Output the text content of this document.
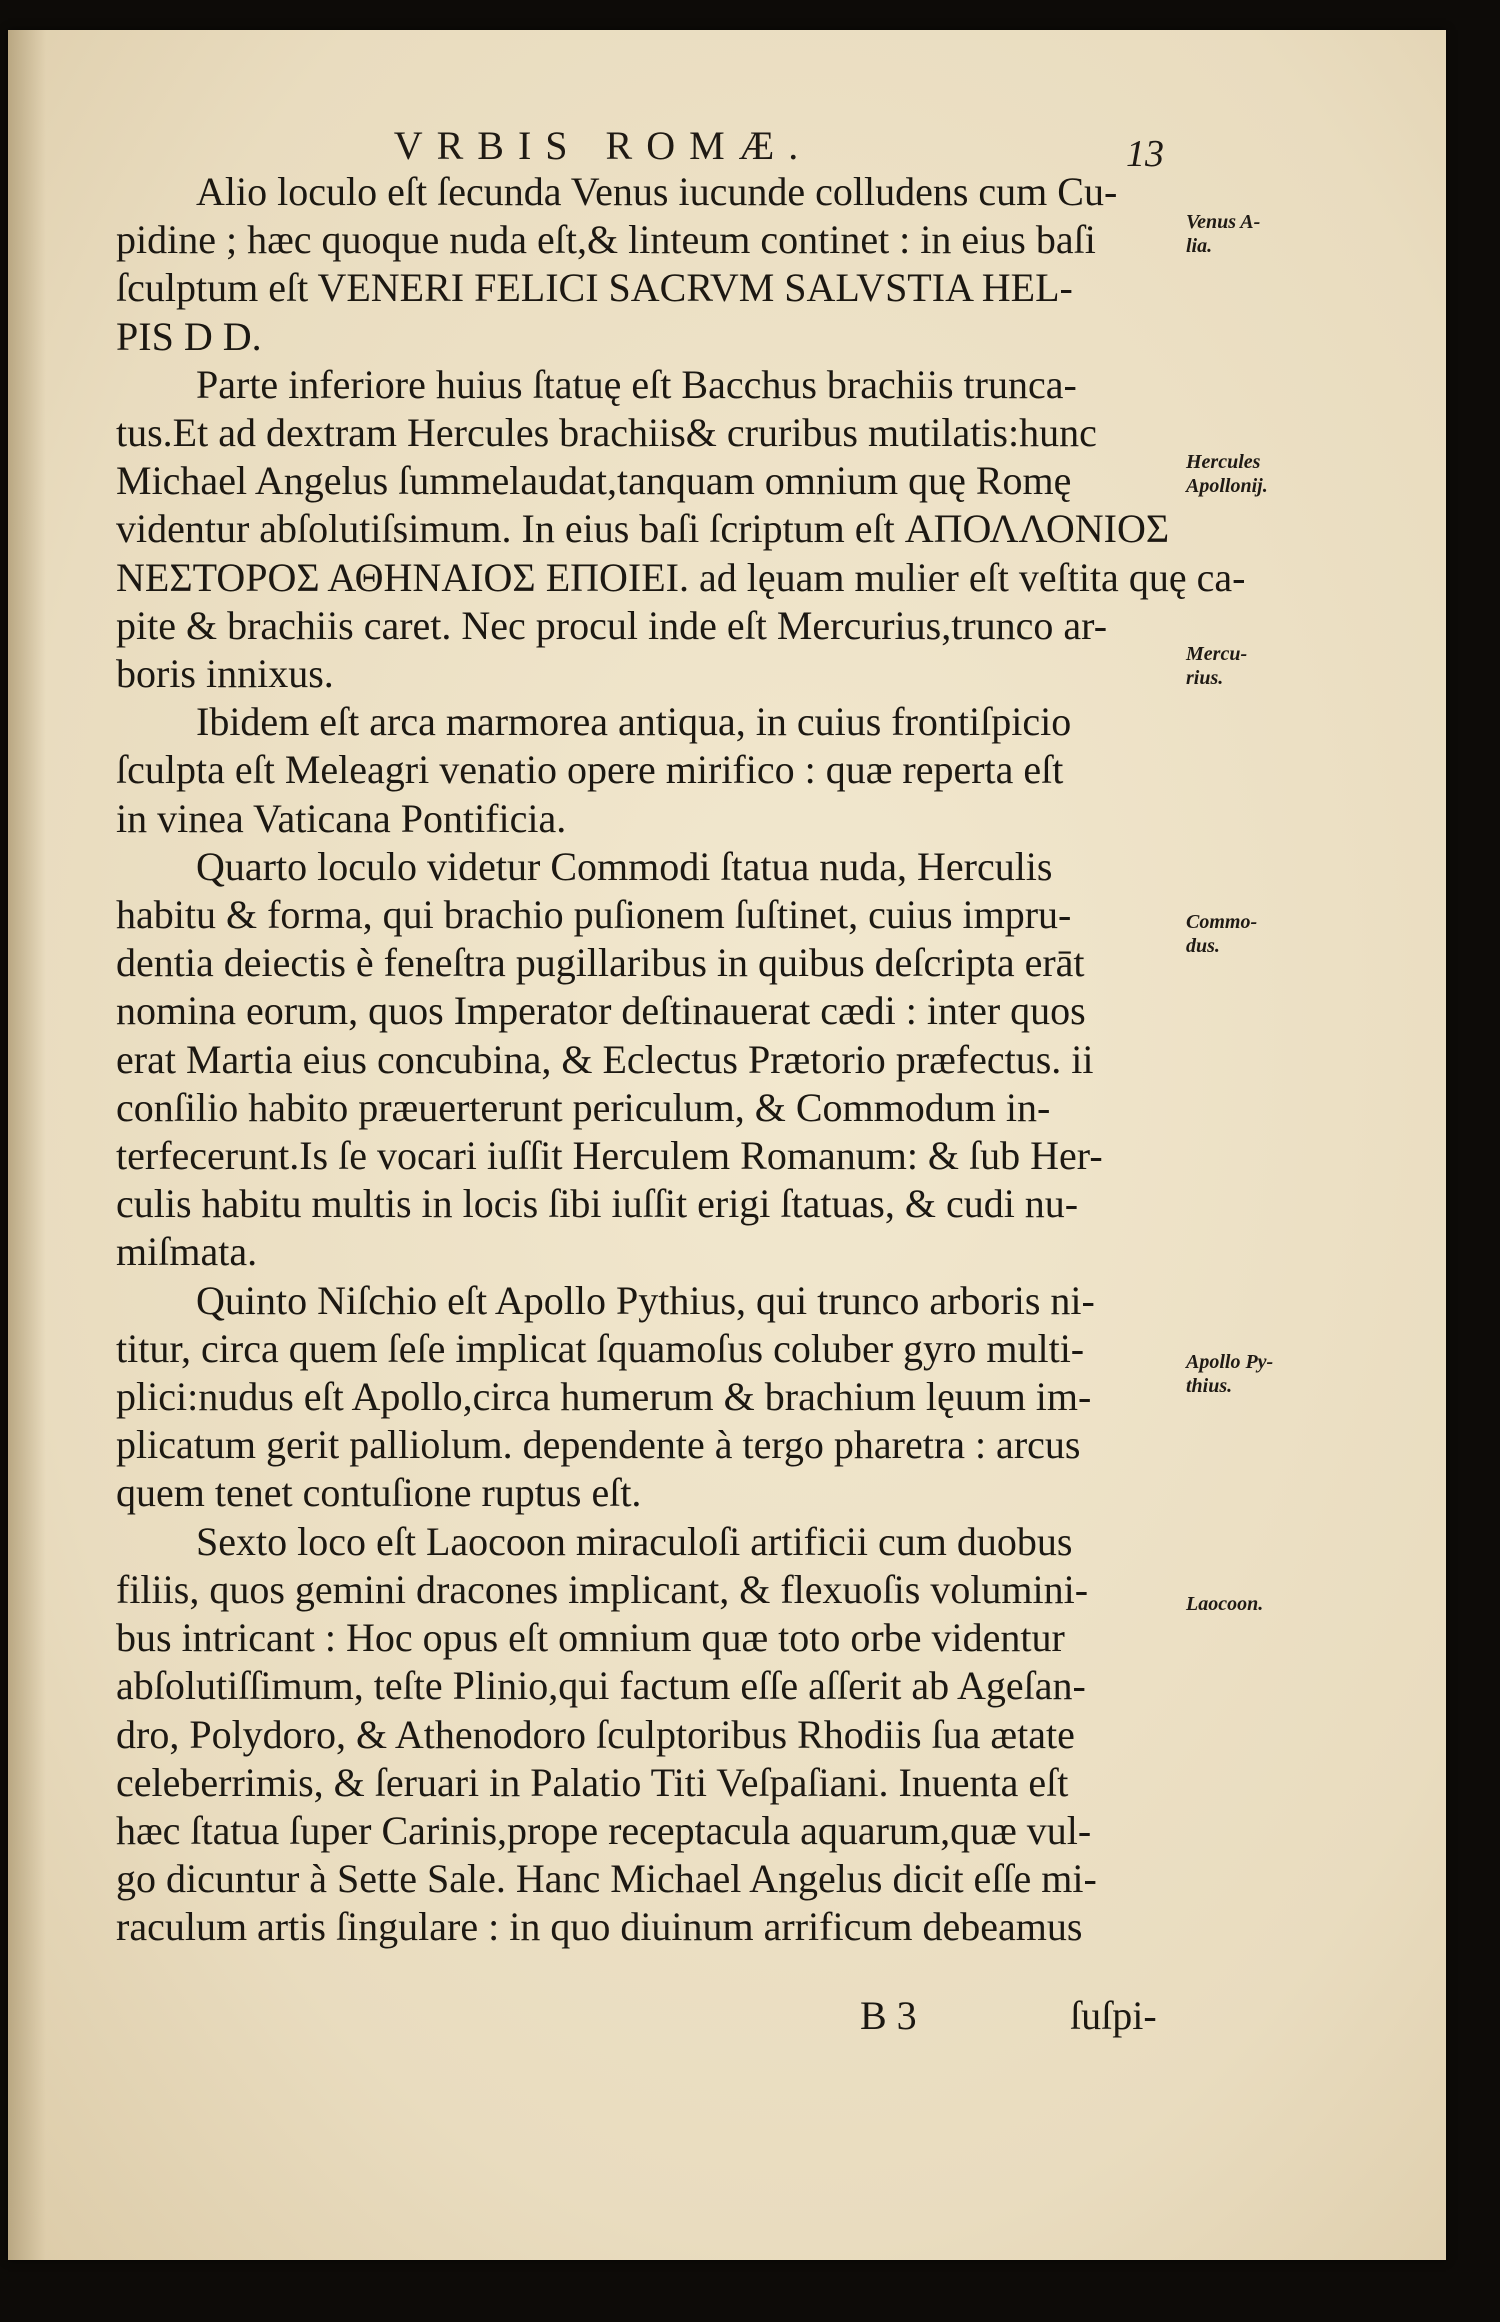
VRBIS ROMÆ.	13

Alio loculo eſt ſecunda Venus iucunde colludens cum Cu-
pidine ; hæc quoque nuda eſt,& linteum continet : in eius baſi
ſculptum eſt VENERI FELICI SACRVM SALVSTIA HEL-
PIS D D.

Parte inferiore huius ſtatuę eſt Bacchus brachiis trunca-
tus.Et ad dextram Hercules brachiis& cruribus mutilatis:hunc
Michael Angelus ſummelaudat,tanquam omnium quę Romę
videntur abſolutiſsimum. In eius baſi ſcriptum eſt ΑΠΟΛΛΟΝΙΟΣ
ΝΕΣΤΟΡΟΣ ΑΘΗΝΑΙΟΣ ΕΠΟΙΕΙ. ad lęuam mulier eſt veſtita quę ca-
pite & brachiis caret. Nec procul inde eſt Mercurius,trunco ar-
boris innixus.

Ibidem eſt arca marmorea antiqua, in cuius frontiſpicio
ſculpta eſt Meleagri venatio opere mirifico : quæ reperta eſt
in vinea Vaticana Pontificia.

Quarto loculo videtur Commodi ſtatua nuda, Herculis
habitu & forma, qui brachio puſionem ſuſtinet, cuius impru-
dentia deiectis è feneſtra pugillaribus in quibus deſcripta erāt
nomina eorum, quos Imperator deſtinauerat cædi : inter quos
erat Martia eius concubina, & Eclectus Prætorio præfectus. ii
conſilio habito præuerterunt periculum, & Commodum in-
terfecerunt.Is ſe vocari iuſſit Herculem Romanum: & ſub Her-
culis habitu multis in locis ſibi iuſſit erigi ſtatuas, & cudi nu-
miſmata.

Quinto Niſchio eſt Apollo Pythius, qui trunco arboris ni-
titur, circa quem ſeſe implicat ſquamoſus coluber gyro multi-
plici:nudus eſt Apollo,circa humerum & brachium lęuum im-
plicatum gerit palliolum. dependente à tergo pharetra : arcus
quem tenet contuſione ruptus eſt.

Sexto loco eſt Laocoon miraculoſi artificii cum duobus
filiis, quos gemini dracones implicant, & flexuoſis volumini-
bus intricant : Hoc opus eſt omnium quæ toto orbe videntur
abſolutiſſimum, teſte Plinio,qui factum eſſe aſſerit ab Ageſan-
dro, Polydoro, & Athenodoro ſculptoribus Rhodiis ſua ætate
celeberrimis, & ſeruari in Palatio Titi Veſpaſiani. Inuenta eſt
hæc ſtatua ſuper Carinis,prope receptacula aquarum,quæ vul-
go dicuntur à Sette Sale. Hanc Michael Angelus dicit eſſe mi-
raculum artis ſingulare : in quo diuinum arrificum debeamus

Venus A-
lia.
Hercules
Apollonij.
Mercu-
rius.
Commo-
dus.
Apollo Py-
thius.
Laocoon.
B 3	ſuſpi-
